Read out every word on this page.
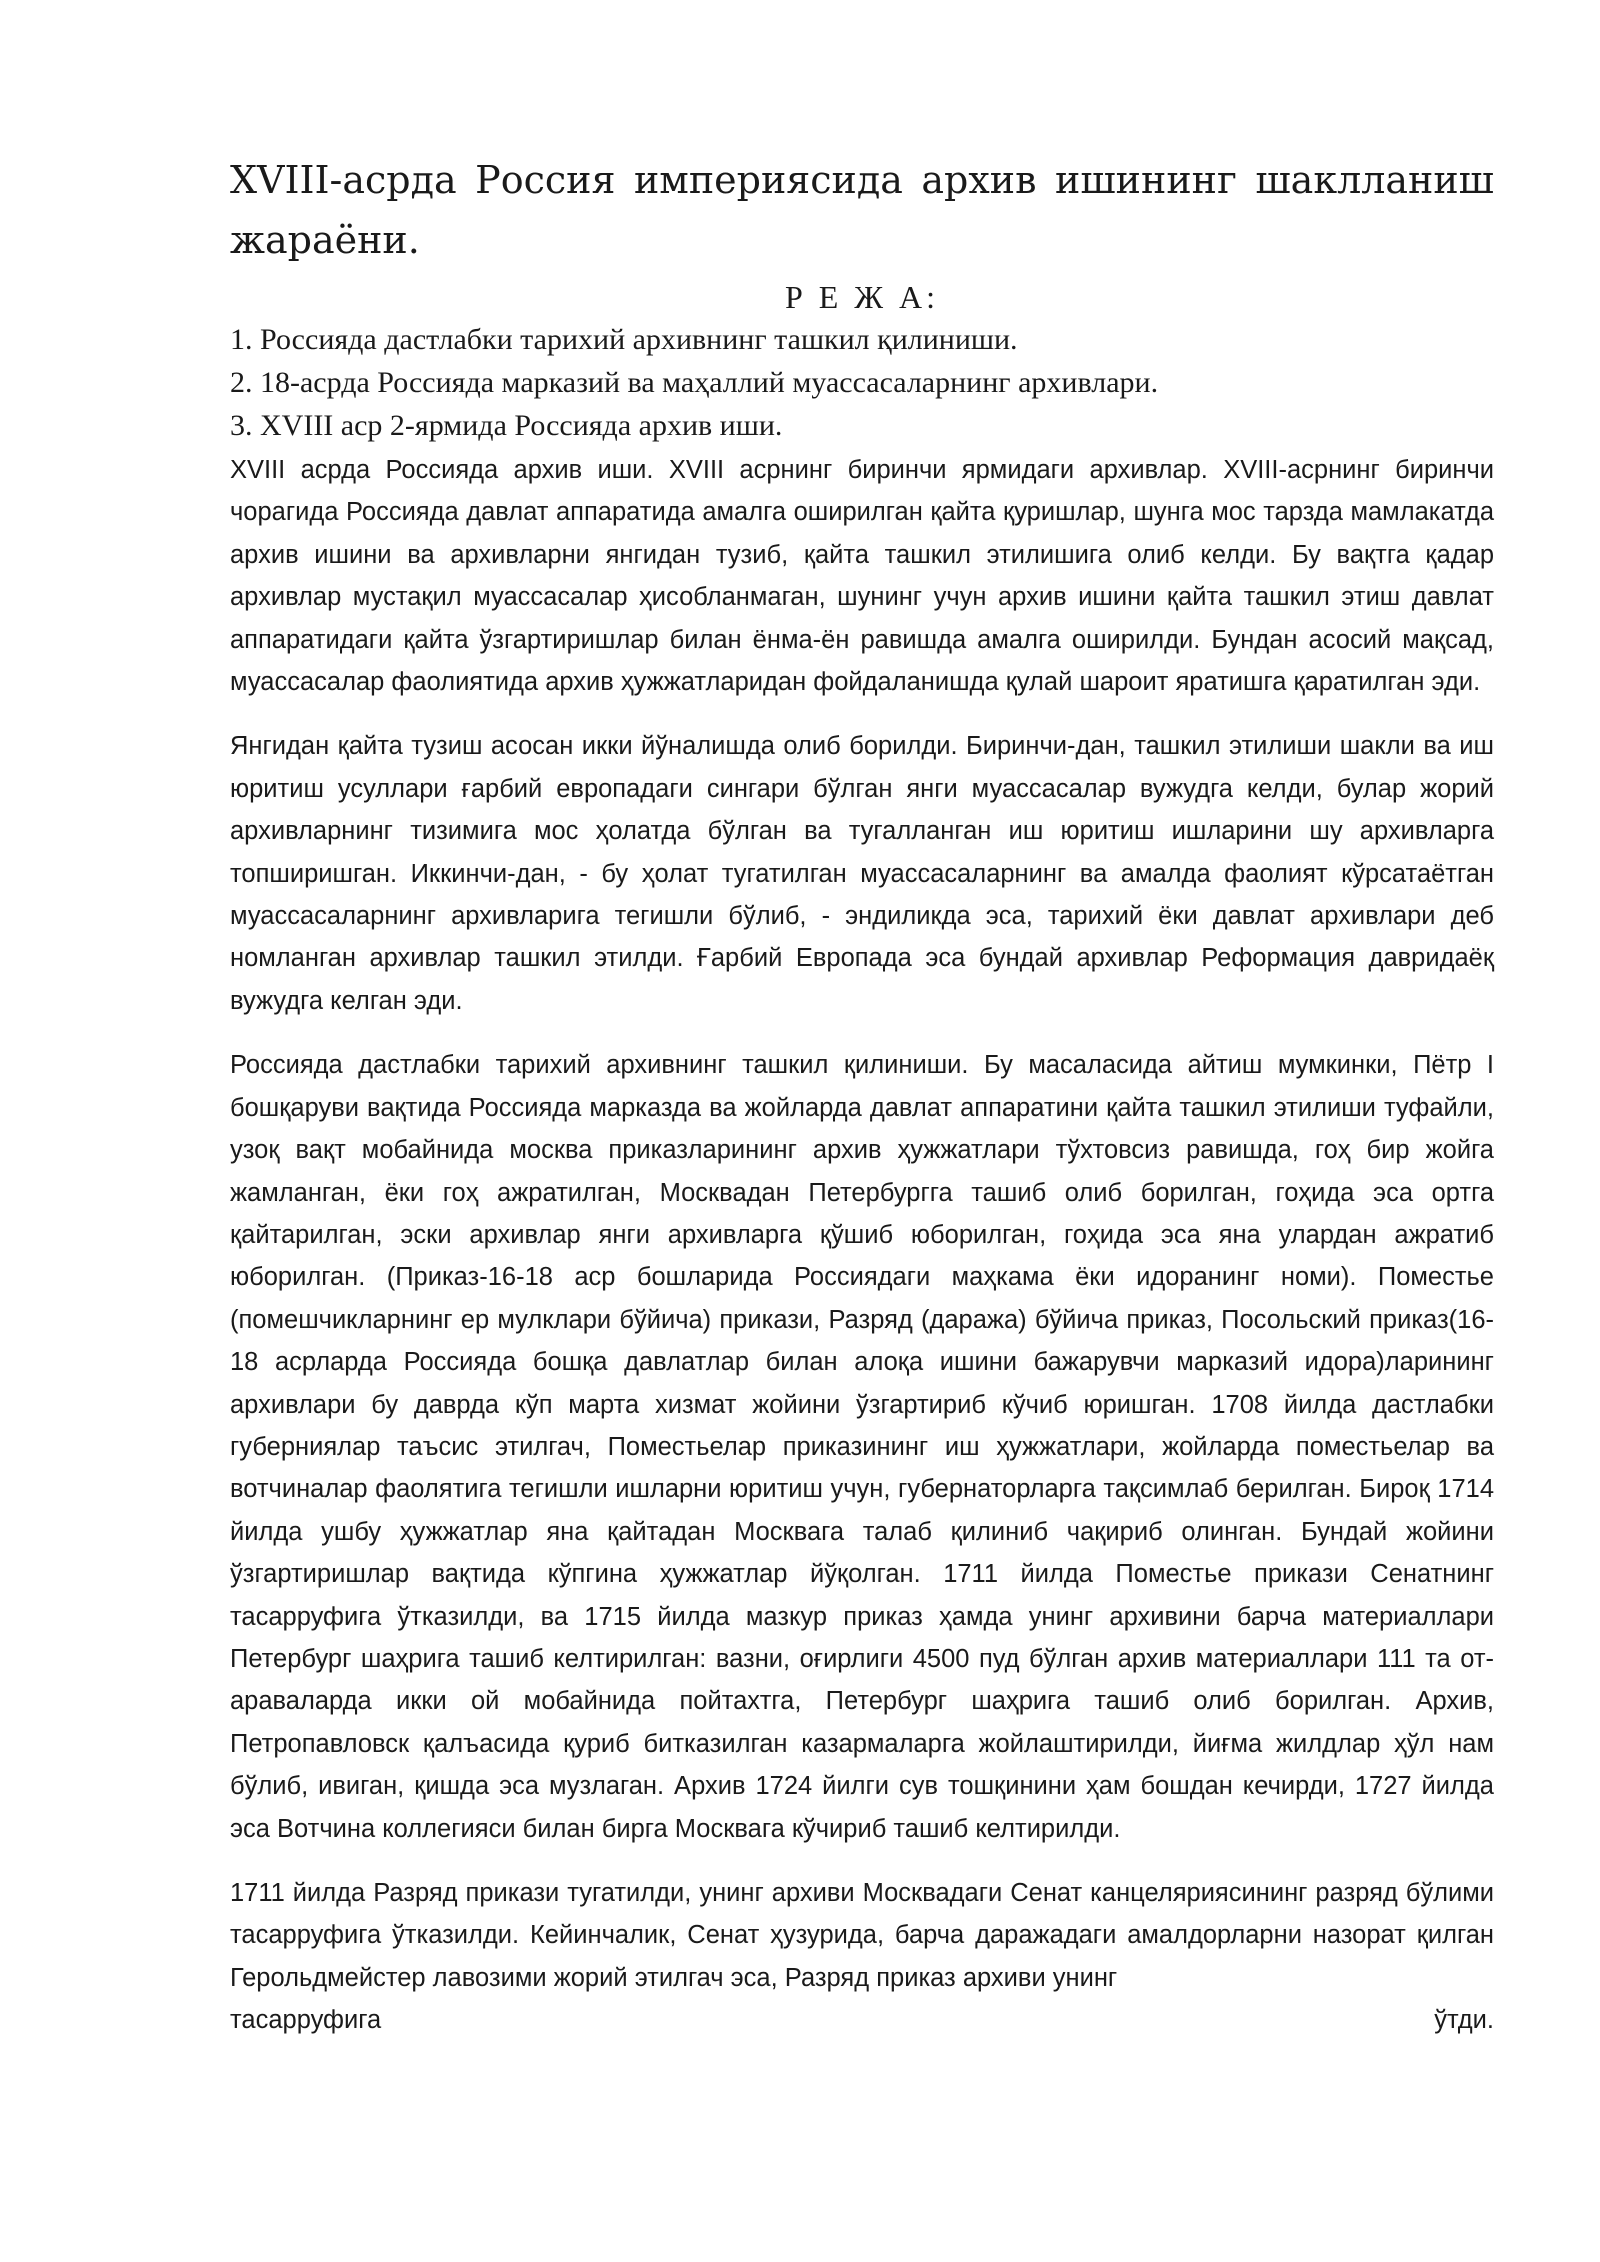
XVIII-асрда Россия империясида архив ишининг шаклланиш жараёни.

Р Е Ж А:

1. Россияда дастлабки тарихий архивнинг ташкил қилиниши.

2. 18-асрда Россияда марказий ва маҳаллий муассасаларнинг архивлари.

3. XVIII аср 2-ярмида Россияда архив иши.

XVIII асрда Россияда архив иши. XVIII асрнинг биринчи ярмидаги архивлар. XVIII-асрнинг биринчи чорагида Россияда давлат аппаратида амалга оширилган қайта қуришлар, шунга мос тарзда мамлакатда архив ишини ва архивларни янгидан тузиб, қайта ташкил этилишига олиб келди. Бу вақтга қадар архивлар мустақил муассасалар ҳисобланмаган, шунинг учун архив ишини қайта ташкил этиш давлат аппаратидаги қайта ўзгартиришлар билан ёнма-ён равишда амалга оширилди. Бундан асосий мақсад, муассасалар фаолиятида архив ҳужжатларидан фойдаланишда қулай шароит яратишга қаратилган эди.

Янгидан қайта тузиш асосан икки йўналишда олиб борилди. Биринчи-дан, ташкил этилиши шакли ва иш юритиш усуллари ғарбий европадаги сингари бўлган янги муассасалар вужудга келди, булар жорий архивларнинг тизимига мос ҳолатда бўлган ва тугалланган иш юритиш ишларини шу архивларга топширишган. Иккинчи-дан, - бу ҳолат тугатилган муассасаларнинг ва амалда фаолият кўрсатаётган муассасаларнинг архивларига тегишли бўлиб, - эндиликда эса, тарихий ёки давлат архивлари деб номланган архивлар ташкил этилди. Ғарбий Европада эса бундай архивлар Реформация давридаёқ вужудга келган эди.

Россияда дастлабки тарихий архивнинг ташкил қилиниши. Бу масаласида айтиш мумкинки, Пётр I бошқаруви вақтида Россияда марказда ва жойларда давлат аппаратини қайта ташкил этилиши туфайли, узоқ вақт мобайнида москва приказларининг архив ҳужжатлари тўхтовсиз равишда, гоҳ бир жойга жамланган, ёки гоҳ ажратилган, Москвадан Петербургга ташиб олиб борилган, гоҳида эса ортга қайтарилган, эски архивлар янги архивларга қўшиб юборилган, гоҳида эса яна улардан ажратиб юборилган. (Приказ-16-18 аср бошларида Россиядаги маҳкама ёки идоранинг номи). Поместье (помешчикларнинг ер мулклари бўйича) прикази, Разряд (даража) бўйича приказ, Посольский приказ(16-18 асрларда Россияда бошқа давлатлар билан алоқа ишини бажарувчи марказий идора)ларининг архивлари бу даврда кўп марта хизмат жойини ўзгартириб кўчиб юришган. 1708 йилда дастлабки губерниялар таъсис этилгач, Поместьелар приказининг иш ҳужжатлари, жойларда поместьелар ва вотчиналар фаолятига тегишли ишларни юритиш учун, губернаторларга тақсимлаб берилган. Бироқ 1714 йилда ушбу ҳужжатлар яна қайтадан Москвага талаб қилиниб чақириб олинган. Бундай жойини ўзгартиришлар вақтида кўпгина ҳужжатлар йўқолган. 1711 йилда Поместье прикази Сенатнинг тасарруфига ўтказилди, ва 1715 йилда мазкур приказ ҳамда унинг архивини барча материаллари Петербург шаҳрига ташиб келтирилган: вазни, оғирлиги 4500 пуд бўлган архив материаллари 111 та от-араваларда икки ой мобайнида пойтахтга, Петербург шаҳрига ташиб олиб борилган. Архив, Петропавловск қалъасида қуриб битказилган казармаларга жойлаштирилди, йиғма жилдлар ҳўл нам бўлиб, ивиган, қишда эса музлаган. Архив 1724 йилги сув тошқинини ҳам бошдан кечирди, 1727 йилда эса Вотчина коллегияси билан бирга Москвага кўчириб ташиб келтирилди.

1711 йилда Разряд прикази тугатилди, унинг архиви Москвадаги Сенат канцеляриясининг разряд бўлими тасарруфига ўтказилди. Кейинчалик, Сенат ҳузурида, барча даражадаги амалдорларни назорат қилган Герольдмейстер лавозими жорий этилгач эса, Разряд приказ архиви унинг

тасарруфига	ўтди.
